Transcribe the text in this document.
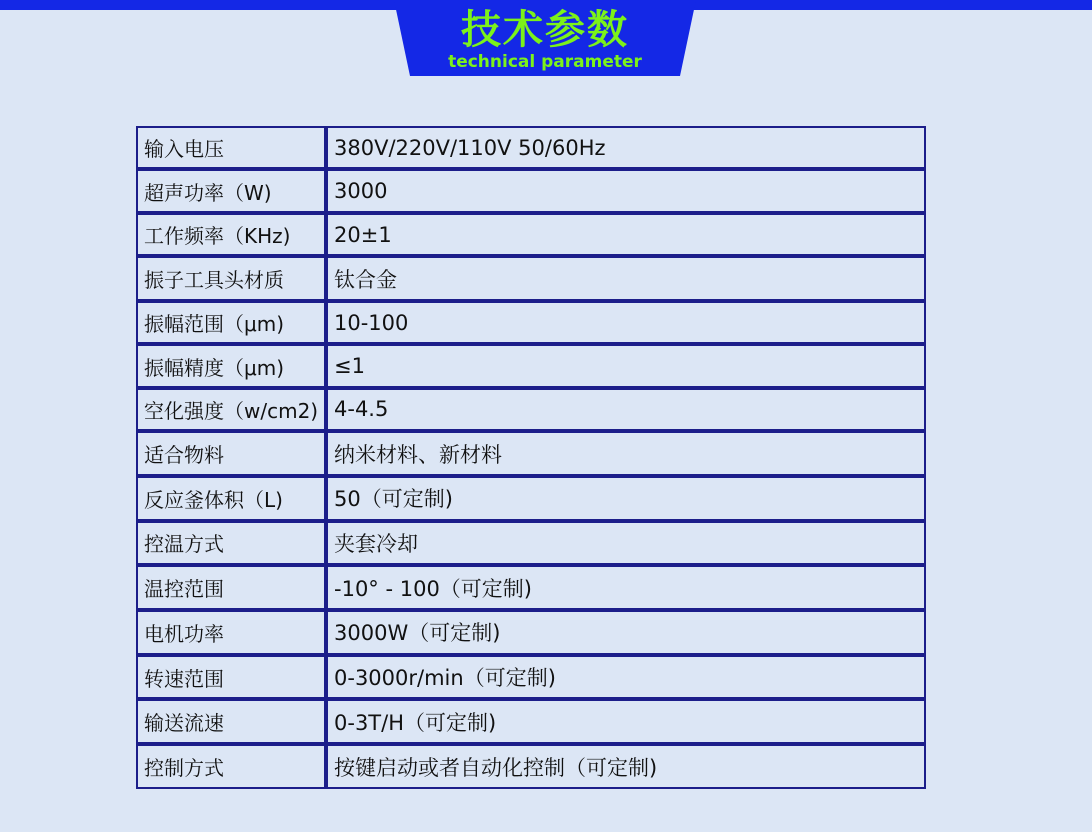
技术参数
technical parameter
输入电压	380V/220V/110V 50/60Hz
超声功率（W)	3000
工作频率（KHz)	20±1
振子工具头材质	钛合金
振幅范围（μm)	10-100
振幅精度（μm)	≤1
空化强度（w/cm2)	4-4.5
适合物料	纳米材料、新材料
反应釜体积（L)	50（可定制)
控温方式	夹套冷却
温控范围	-10° - 100（可定制)
电机功率	3000W（可定制)
转速范围	0-3000r/min（可定制)
输送流速	0-3T/H（可定制)
控制方式	按键启动或者自动化控制（可定制)
